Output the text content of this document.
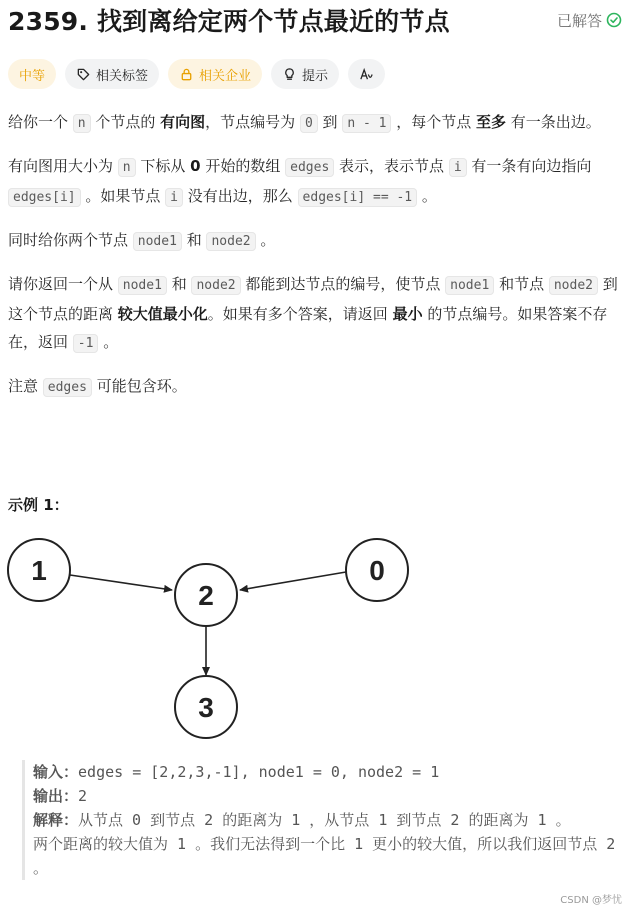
2359. 找到离给定两个节点最近的节点	已解答
中等	相关标签	相关企业	提示

给你一个 n 个节点的 有向图，节点编号为 0 到 n - 1 ，每个节点 至多 有一条出边。

有向图用大小为 n 下标从 0 开始的数组 edges 表示，表示节点 i 有一条有向边指向 edges[i] 。如果节点 i 没有出边，那么 edges[i] == -1 。

同时给你两个节点 node1 和 node2 。

请你返回一个从 node1 和 node2 都能到达节点的编号，使节点 node1 和节点 node2 到这个节点的距离 较大值最小化。如果有多个答案，请返回 最小 的节点编号。如果答案不存在，返回 -1 。

注意 edges 可能包含环。

示例 1：
1
2
0
3
输入：edges = [2,2,3,-1], node1 = 0, node2 = 1
输出：2
解释：从节点 0 到节点 2 的距离为 1 ，从节点 1 到节点 2 的距离为 1 。
两个距离的较大值为 1 。我们无法得到一个比 1 更小的较大值，所以我们返回节点 2 。
CSDN @梦忧
